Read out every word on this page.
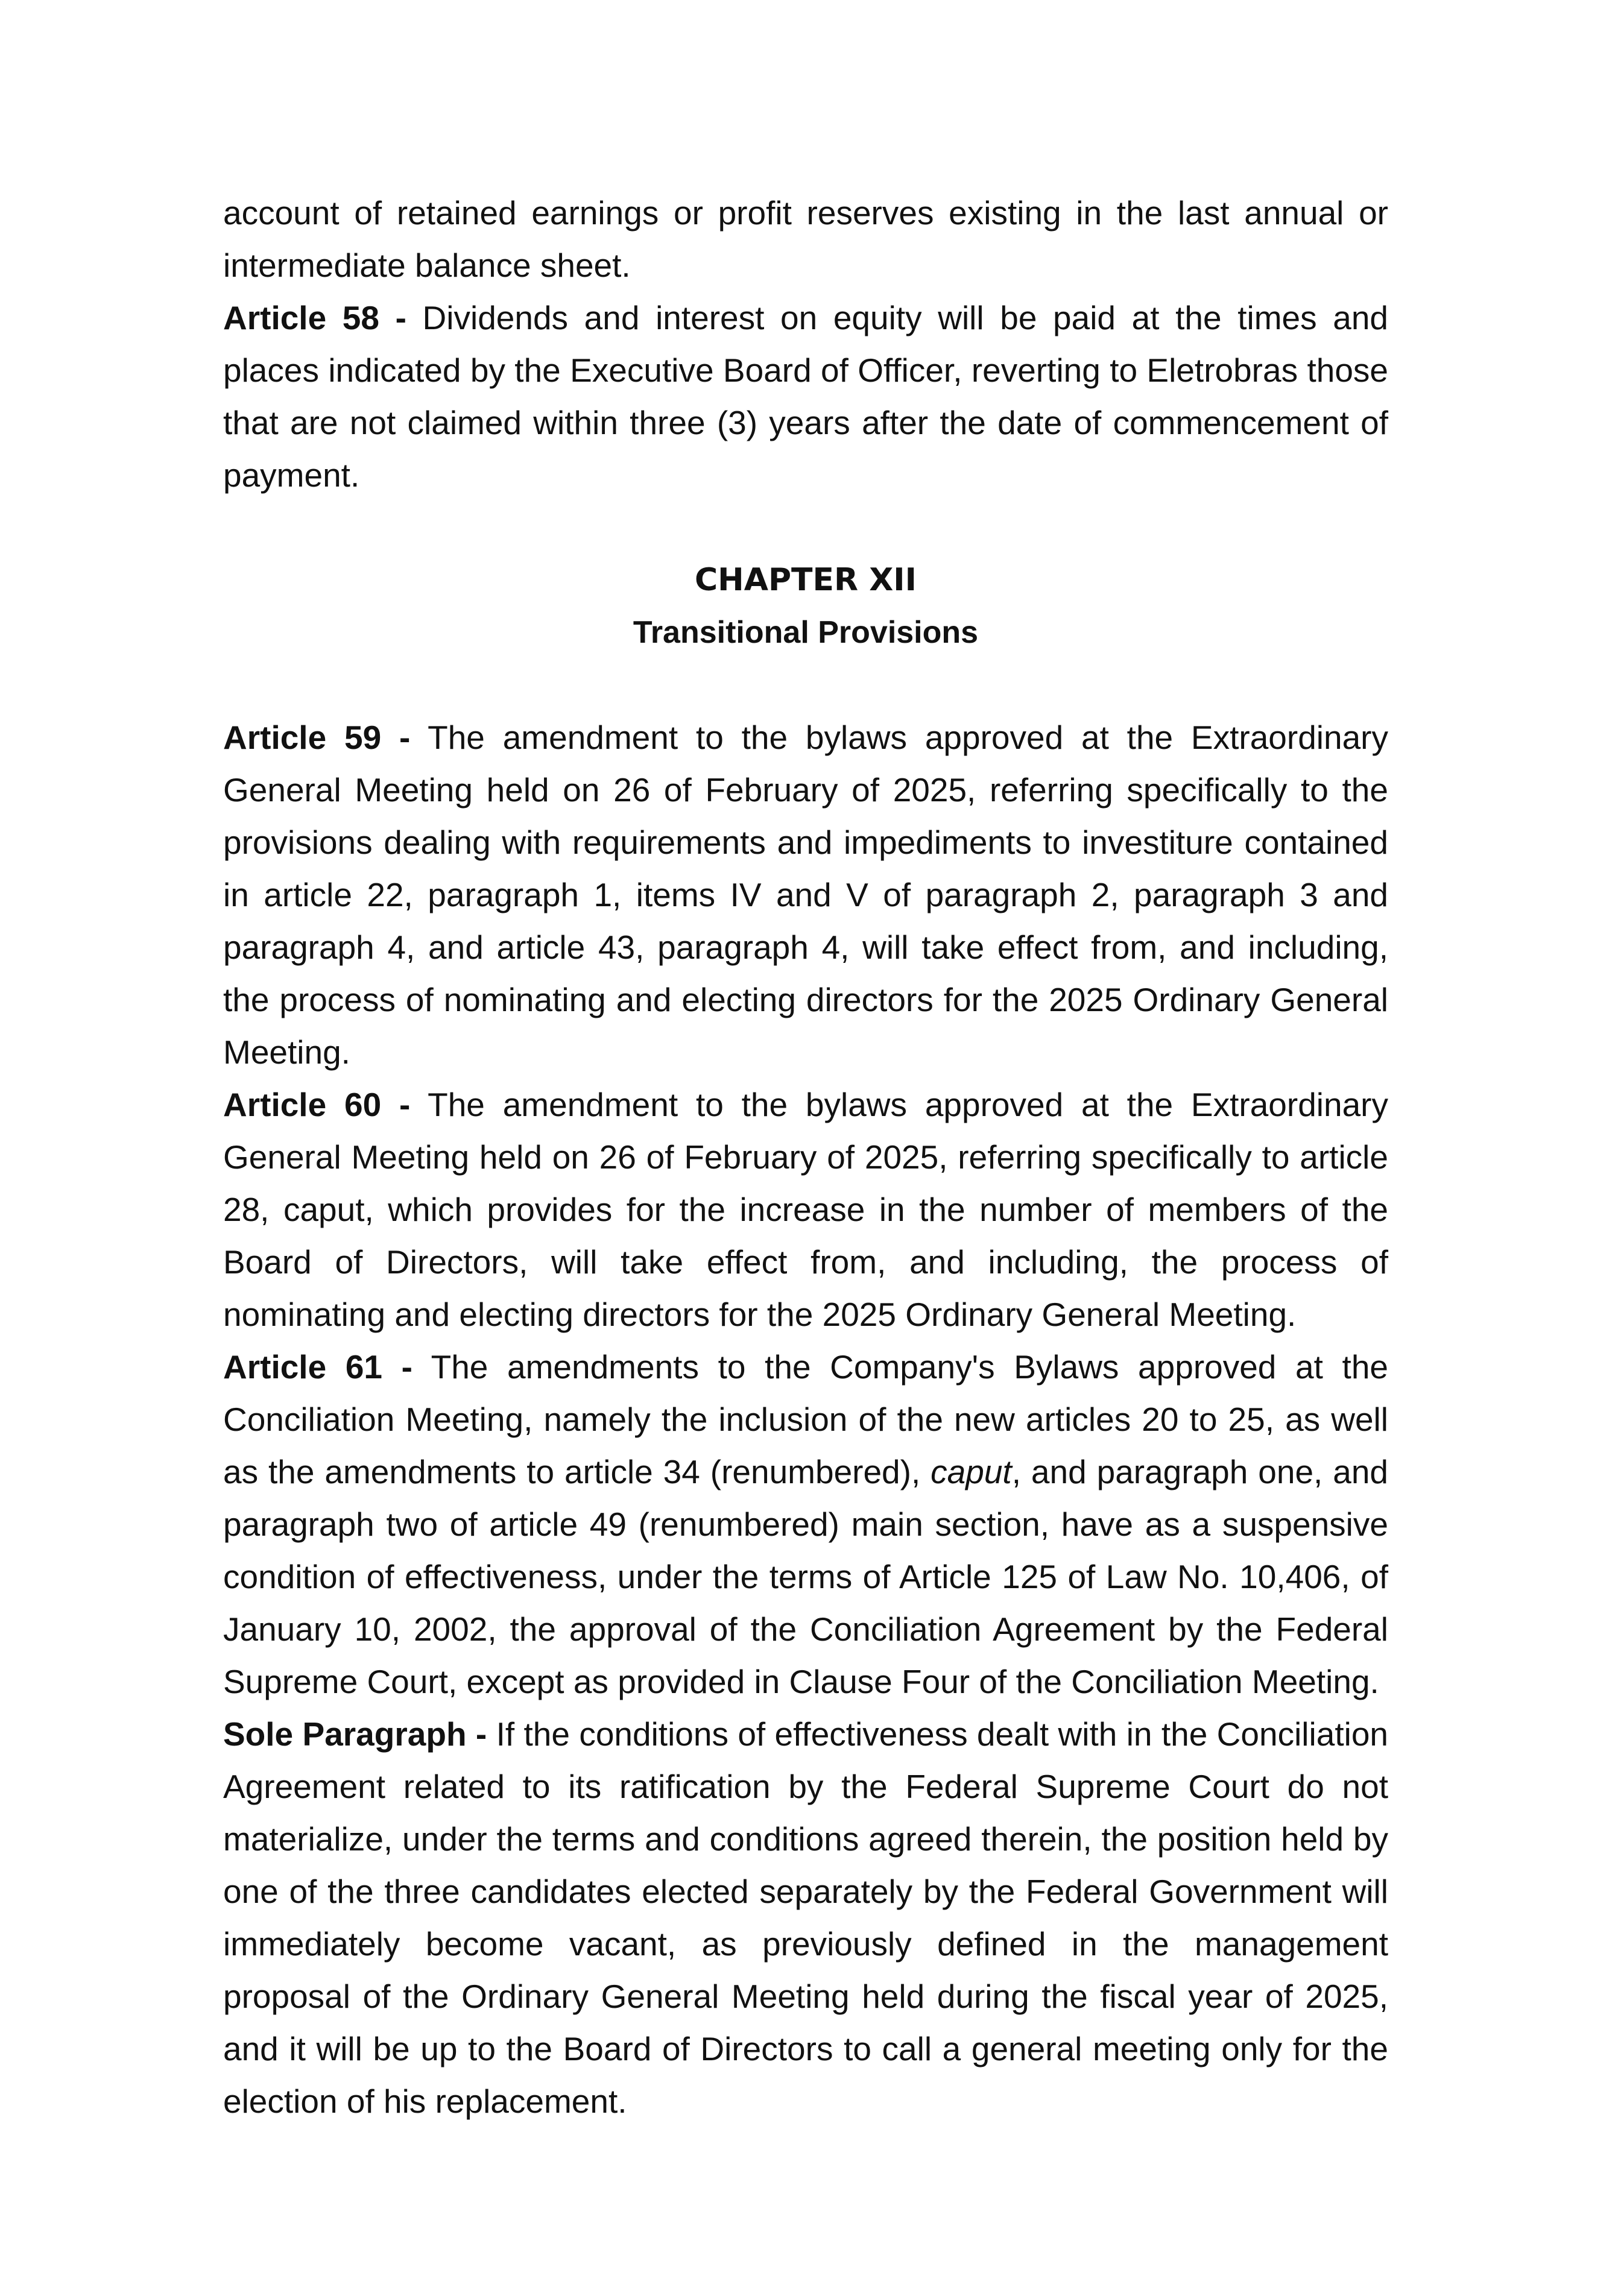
account of retained earnings or profit reserves existing in the last annual or intermediate balance sheet.

Article 58 - Dividends and interest on equity will be paid at the times and places indicated by the Executive Board of Officer, reverting to Eletrobras those that are not claimed within three (3) years after the date of commencement of payment.

CHAPTER XII
Transitional Provisions

Article 59 - The amendment to the bylaws approved at the Extraordinary General Meeting held on 26 of February of 2025, referring specifically to the provisions dealing with requirements and impediments to investiture contained in article 22, paragraph 1, items IV and V of paragraph 2, paragraph 3 and paragraph 4, and article 43, paragraph 4, will take effect from, and including, the process of nominating and electing directors for the 2025 Ordinary General Meeting.

Article 60 - The amendment to the bylaws approved at the Extraordinary General Meeting held on 26 of February of 2025, referring specifically to article 28, caput, which provides for the increase in the number of members of the Board of Directors, will take effect from, and including, the process of nominating and electing directors for the 2025 Ordinary General Meeting.

Article 61 - The amendments to the Company's Bylaws approved at the Conciliation Meeting, namely the inclusion of the new articles 20 to 25, as well as the amendments to article 34 (renumbered), caput, and paragraph one, and paragraph two of article 49 (renumbered) main section, have as a suspensive condition of effectiveness, under the terms of Article 125 of Law No. 10,406, of January 10, 2002, the approval of the Conciliation Agreement by the Federal Supreme Court, except as provided in Clause Four of the Conciliation Meeting.

Sole Paragraph - If the conditions of effectiveness dealt with in the Conciliation Agreement related to its ratification by the Federal Supreme Court do not materialize, under the terms and conditions agreed therein, the position held by one of the three candidates elected separately by the Federal Government will immediately become vacant, as previously defined in the management proposal of the Ordinary General Meeting held during the fiscal year of 2025, and it will be up to the Board of Directors to call a general meeting only for the election of his replacement.
